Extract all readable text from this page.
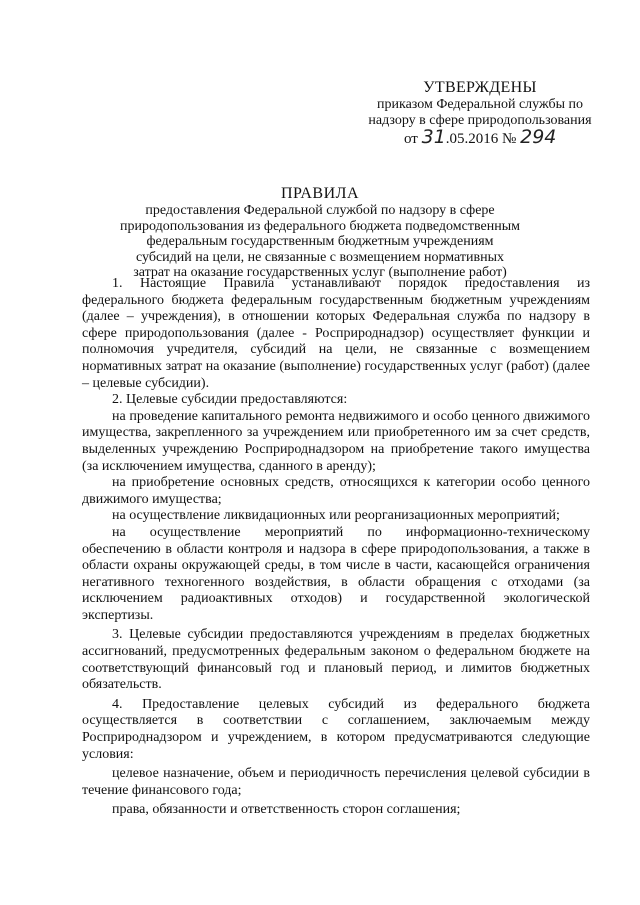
УТВЕРЖДЕНЫ
приказом Федеральной службы по
надзору в сфере природопользования
от 31.05.2016 № 294
ПРАВИЛА
предоставления Федеральной службой по надзору в сфере
природопользования из федерального бюджета подведомственным
федеральным государственным бюджетным учреждениям
субсидий на цели, не связанные с возмещением нормативных
затрат на оказание государственных услуг (выполнение работ)

1. Настоящие Правила устанавливают порядок предоставления из федерального бюджета федеральным государственным бюджетным учреждениям (далее – учреждения), в отношении которых Федеральная служба по надзору в сфере природопользования (далее - Росприроднадзор) осуществляет функции и полномочия учредителя, субсидий на цели, не связанные с возмещением нормативных затрат на оказание (выполнение) государственных услуг (работ) (далее – целевые субсидии).

2. Целевые субсидии предоставляются:

на проведение капитального ремонта недвижимого и особо ценного движимого имущества, закрепленного за учреждением или приобретенного им за счет средств, выделенных учреждению Росприроднадзором на приобретение такого имущества (за исключением имущества, сданного в аренду);

на приобретение основных средств, относящихся к категории особо ценного движимого имущества;

на осуществление ликвидационных или реорганизационных мероприятий;

на осуществление мероприятий по информационно-техническому обеспечению в области контроля и надзора в сфере природопользования, а также в области охраны окружающей среды, в том числе в части, касающейся ограничения негативного техногенного воздействия, в области обращения с отходами (за исключением радиоактивных отходов) и государственной экологической экспертизы.

3. Целевые субсидии предоставляются учреждениям в пределах бюджетных ассигнований, предусмотренных федеральным законом о федеральном бюджете на соответствующий финансовый год и плановый период, и лимитов бюджетных обязательств.

4. Предоставление целевых субсидий из федерального бюджета осуществляется в соответствии с соглашением, заключаемым между Росприроднадзором и учреждением, в котором предусматриваются следующие условия:

целевое назначение, объем и периодичность перечисления целевой субсидии в течение финансового года;

права, обязанности и ответственность сторон соглашения;
